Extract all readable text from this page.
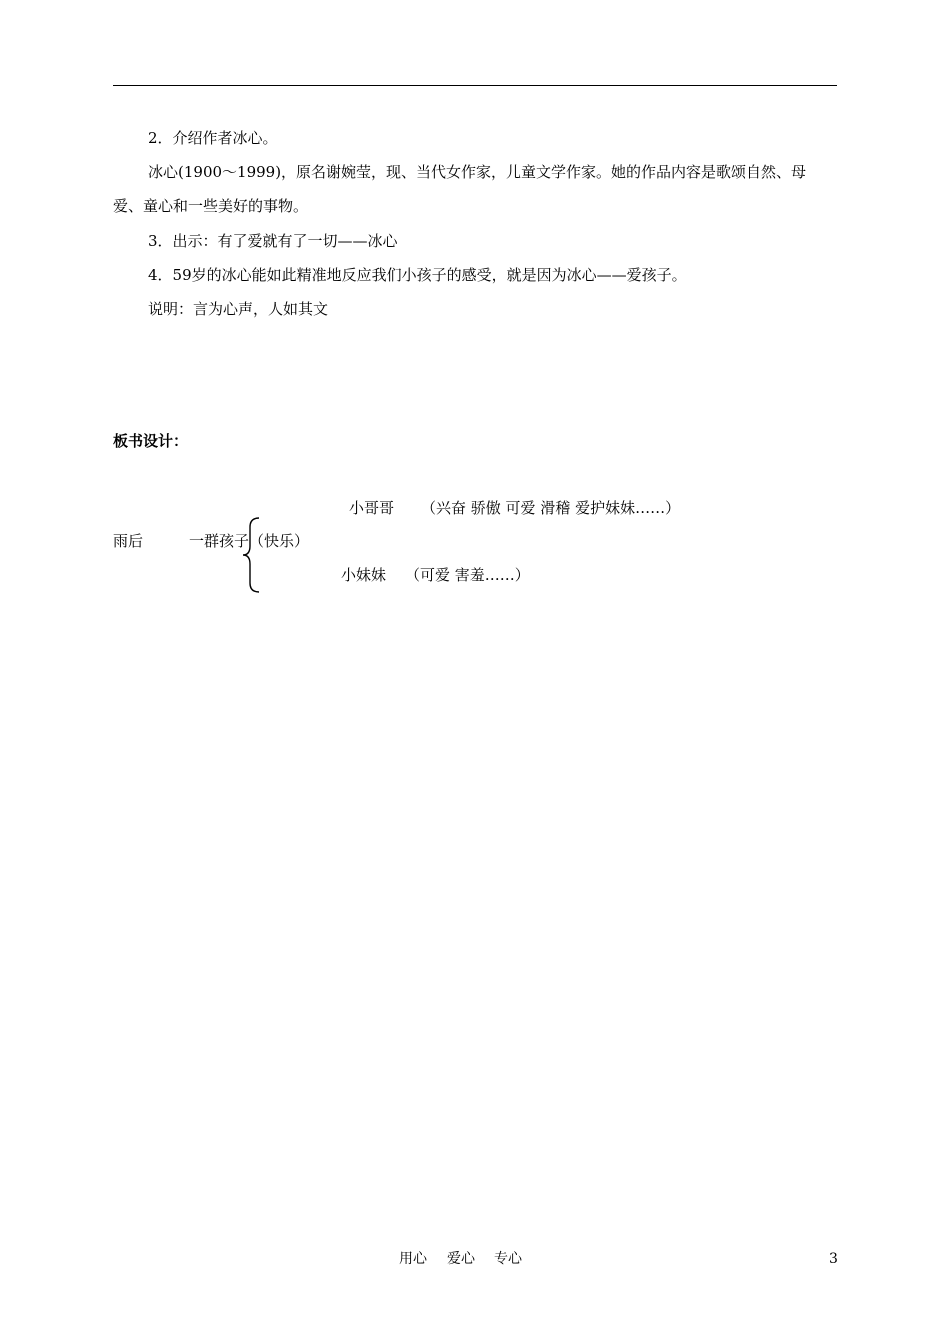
2．介绍作者冰心。
冰心(1900～1999)，原名谢婉莹，现、当代女作家，儿童文学作家。她的作品内容是歌颂自然、母
爱、童心和一些美好的事物。
3．出示：有了爱就有了一切——冰心
4．59岁的冰心能如此精准地反应我们小孩子的感受，就是因为冰心——爱孩子。
说明：言为心声，人如其文
板书设计：
小哥哥 （兴奋 骄傲 可爱 滑稽 爱护妹妹……）
雨后	一群孩子（快乐）
小妹妹 （可爱 害羞……）
用心 爱心 专心	3
